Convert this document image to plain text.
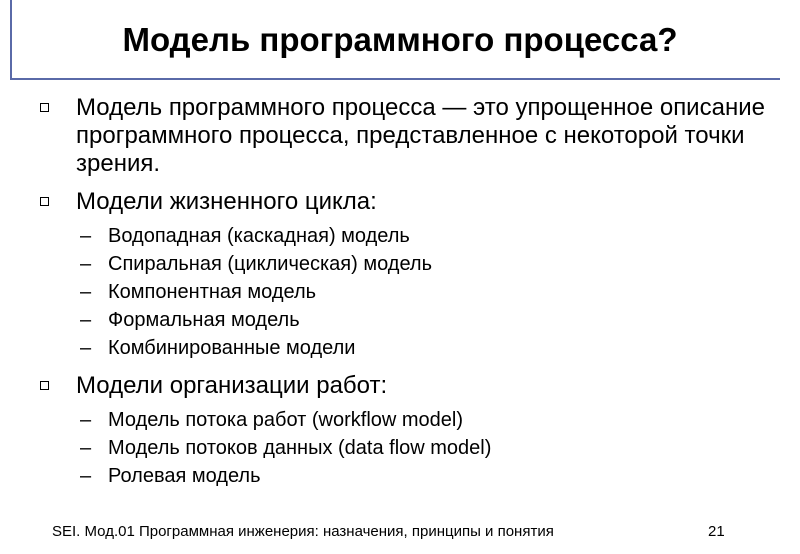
Модель программного процесса?
Модель программного процесса — это упрощенное описание программного процесса, представленное с некоторой точки зрения.
Модели жизненного цикла:
– Водопадная (каскадная) модель
– Спиральная (циклическая) модель
– Компонентная модель
– Формальная модель
– Комбинированные модели
Модели организации работ:
– Модель потока работ (workflow model)
– Модель потоков данных (data flow model)
– Ролевая модель
SEI. Мод.01 Программная инженерия: назначения, принципы и понятия	21
